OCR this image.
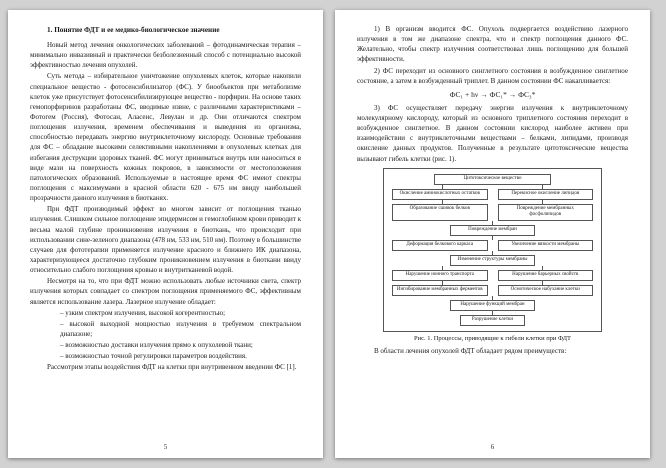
1. Понятие ФДТ и ее медико-биологическое значение

Новый метод лечения онкологических заболеваний – фотодинамическая терапия – минимально инвазивный и практически безболезненный способ с потенциально высокой эффективностью лечения опухолей.

Суть метода – избирательное уничтожение опухолевых клеток, которые накопили специальное вещество - фотосенсибилизатор (ФС). У биообъектов при метаболизме клеток уже присутствует фотосенсибилизирующее вещество - порфирин. На основе таких гемопорфиринов разработаны ФС, вводимые извне, с различными характеристиками – Фотогем (Россия), Фотосан, Аласенс, Левулан и др. Они отличаются спектром поглощения излучения, временем обеспечивания и выведения из организма, способностью передавать энергию внутриклеточному кислороду. Основные требования для ФС – обладание высокими селективными накоплениями в опухолевых клетках для избегания деструкции здоровых тканей. ФС могут приниматься внутрь или наноситься в виде мази на поверхность кожных покровов, в зависимости от местоположения патологических образований. Используемые в настоящее время ФС имеют спектры поглощения с максимумами в красной области 620 - 675 нм ввиду наибольшей прозрачности данного излучения в биотканях.

При ФДТ производимый эффект во многом зависит от поглощения тканью излучения. Слишком сильное поглощение эпидермисом и гемоглобином крови приводит к весьма малой глубине проникновения излучения в биоткань, что происходит при использовании сине-зеленого диапазона (478 нм, 533 нм, 510 нм). Поэтому в большинстве случаев для фототерапии применяется излучение красного и ближнего ИК диапазона, характеризующееся достаточно глубоким проникновением излучения в биоткани ввиду относительно слабого поглощения кровью и внутритканевой водой.

Несмотря на то, что при ФДТ можно использовать любые источники света, спектр излучения которых совпадает со спектром поглощения применяемого ФС, эффективным является использование лазера. Лазерное излучение обладает:

– узким спектром излучения, высокой когерентностью;
– высокой выходной мощностью излучения в требуемом спектральном диапазоне;
– возможностью доставки излучения прямо к опухолевой ткани;
– возможностью точной регулировки параметров воздействия.

Рассмотрим этапы воздействия ФДТ на клетки при внутривенном введении ФС [1].

5

1) В организм вводится ФС. Опухоль подвергается воздействию лазерного излучения в том же диапазоне спектра, что и спектр поглощения данного ФС. Желательно, чтобы спектр излучения соответствовал лишь поглощению для большей эффективности.

2) ФС переходит из основного синглетного состояния в возбужденное синглетное состояние, а затем в возбужденный триплет. В данном состоянии ФС накапливается:

ФС₁ + hν → ФС₁* → ФС₃*

3) ФС осуществляет передачу энергии излучения к внутриклеточному молекулярному кислороду, который из основного триплетного состояния переходит в возбужденное синглетное. В данном состоянии кислород наиболее активен при взаимодействии с внутриклеточными веществами – белками, липидами, производя окисление данных продуктов. Полученные в результате цитотоксические вещества вызывают гибель клетки (рис. 1).

Цитотоксическое вещество
Окисление аминокислотных остатков	Перекисное окисление липидов
Образование сшивок белков	Повреждение мембранных фосфолипидов
Повреждение мембран
Деформация белкового каркаса	Увеличение вязкости мембраны
Изменение структуры мембраны
Нарушение ионного транспорта	Нарушение барьерных свойств
Ингибирование мембранных ферментов	Осмотическое набухание клетки
Нарушение функций мембран
Разрушение клетки
Рис. 1. Процессы, приводящие к гибели клетки при ФДТ

В области лечения опухолей ФДТ обладает рядом преимуществ:

6
